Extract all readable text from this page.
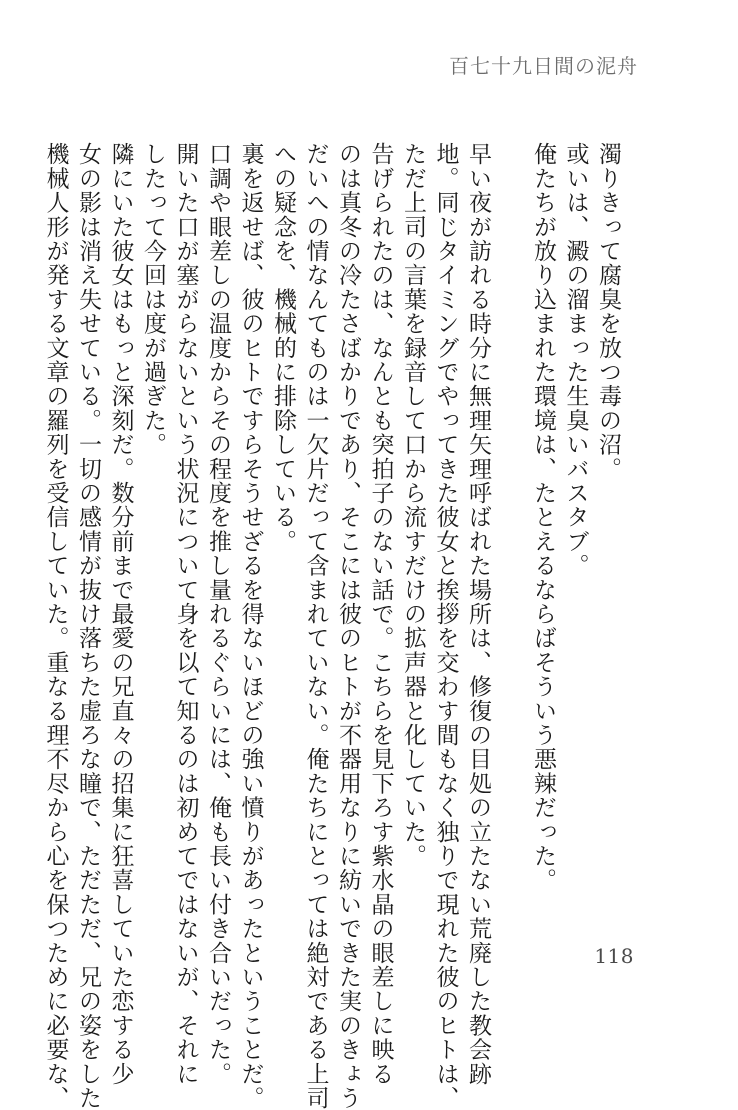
百七十九日間の泥舟
濁りきって腐臭を放つ毒の沼。
或いは、澱の溜まった生臭いバスタブ。
俺たちが放り込まれた環境は、たとえるならばそういう悪辣だった。
早い夜が訪れる時分に無理矢理呼ばれた場所は、修復の目処の立たない荒廃した教会跡
地。同じタイミングでやってきた彼女と挨拶を交わす間もなく独りで現れた彼のヒトは、
ただ上司の言葉を録音して口から流すだけの拡声器と化していた。
告げられたのは、なんとも突拍子のない話で。こちらを見下ろす紫水晶の眼差しに映る
のは真冬の冷たさばかりであり、そこには彼のヒトが不器用なりに紡いできた実のきょう
だいへの情なんてものは一欠片だって含まれていない。俺たちにとっては絶対である上司
への疑念を、機械的に排除している。
裏を返せば、彼のヒトですらそうせざるを得ないほどの強い憤りがあったということだ。
口調や眼差しの温度からその程度を推し量れるぐらいには、俺も長い付き合いだった。
開いた口が塞がらないという状況について身を以て知るのは初めてではないが、それに
したって今回は度が過ぎた。
隣にいた彼女はもっと深刻だ。数分前まで最愛の兄直々の招集に狂喜していた恋する少
女の影は消え失せている。一切の感情が抜け落ちた虚ろな瞳で、ただただ、兄の姿をした
機械人形が発する文章の羅列を受信していた。重なる理不尽から心を保つために必要な、	118
